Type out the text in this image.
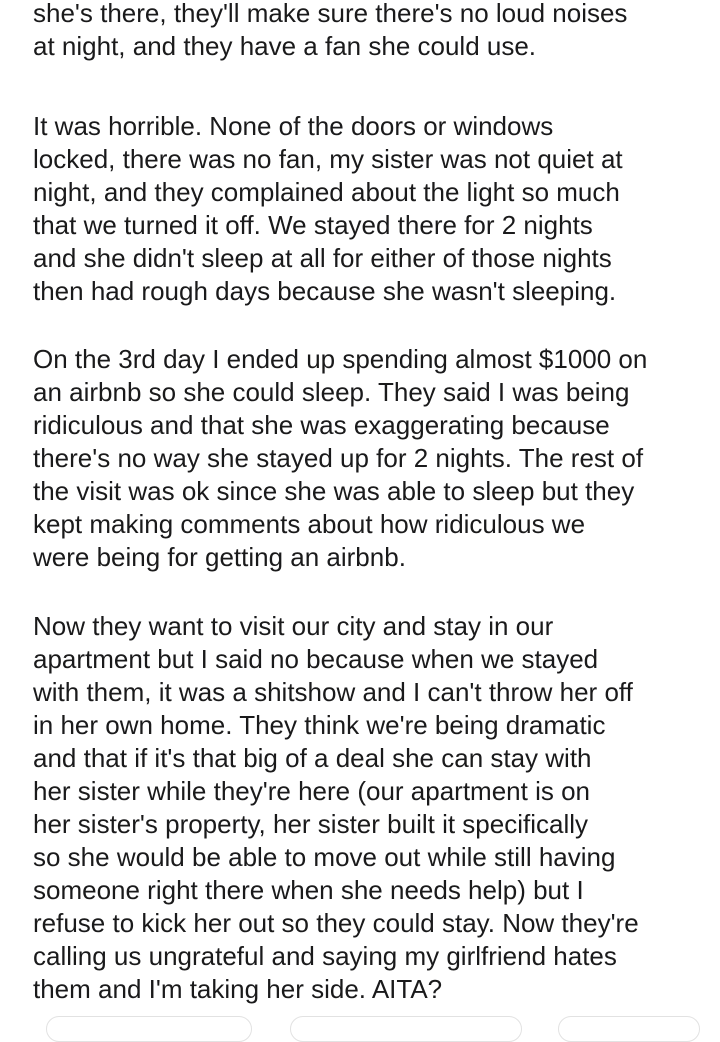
she's there, they'll make sure there's no loud noises
at night, and they have a fan she could use.
It was horrible. None of the doors or windows
locked, there was no fan, my sister was not quiet at
night, and they complained about the light so much
that we turned it off. We stayed there for 2 nights
and she didn't sleep at all for either of those nights
then had rough days because she wasn't sleeping.
On the 3rd day I ended up spending almost $1000 on
an airbnb so she could sleep. They said I was being
ridiculous and that she was exaggerating because
there's no way she stayed up for 2 nights. The rest of
the visit was ok since she was able to sleep but they
kept making comments about how ridiculous we
were being for getting an airbnb.
Now they want to visit our city and stay in our
apartment but I said no because when we stayed
with them, it was a shitshow and I can't throw her off
in her own home. They think we're being dramatic
and that if it's that big of a deal she can stay with
her sister while they're here (our apartment is on
her sister's property, her sister built it specifically
so she would be able to move out while still having
someone right there when she needs help) but I
refuse to kick her out so they could stay. Now they're
calling us ungrateful and saying my girlfriend hates
them and I'm taking her side. AITA?
